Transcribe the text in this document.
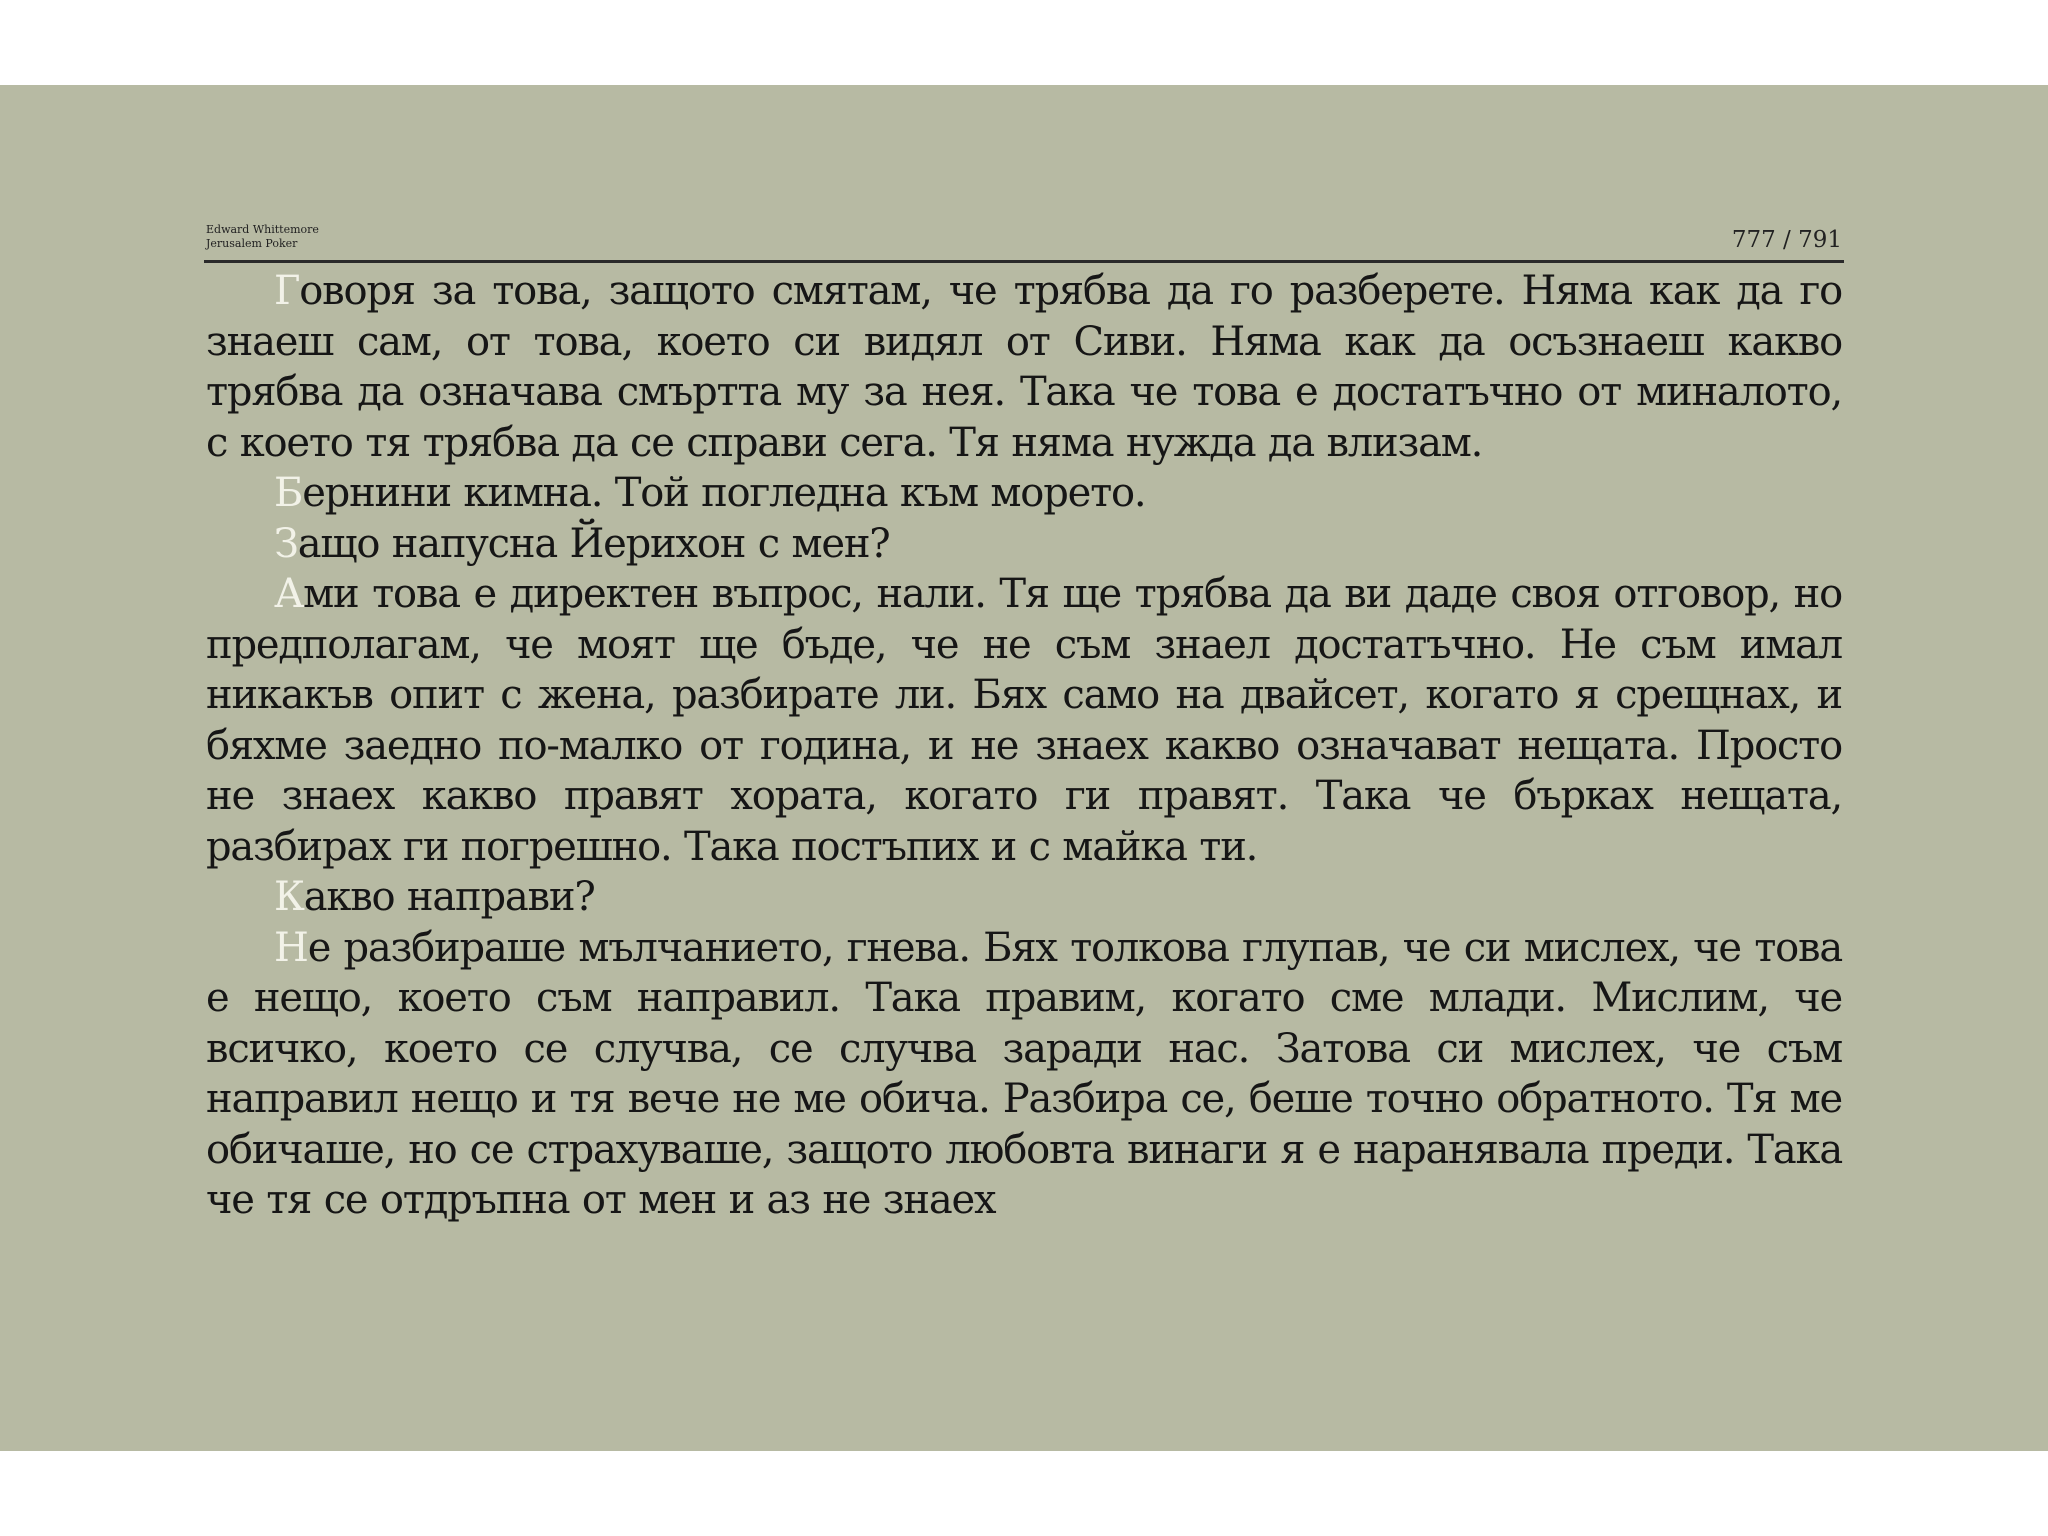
Edward Whittemore
Jerusalem Poker	777 / 791

Говоря за това, защото смятам, че трябва да го разберете. Няма как да го знаеш сам, от това, което си видял от Сиви. Няма как да осъзнаеш какво трябва да означава смъртта му за нея. Така че това е достатъчно от миналото, с което тя трябва да се справи сега. Тя няма нужда да влизам.

Бернини кимна. Той погледна към морето.

Защо напусна Йерихон с мен?

Ами това е директен въпрос, нали. Тя ще трябва да ви даде своя отговор, но предполагам, че моят ще бъде, че не съм знаел достатъчно. Не съм имал никакъв опит с жена, разбирате ли. Бях само на двайсет, когато я срещнах, и бяхме заедно по-малко от година, и не знаех какво означават нещата. Просто не знаех какво правят хората, когато ги правят. Така че бърках нещата, разбирах ги погрешно. Така постъпих и с майка ти.

Какво направи?

Не разбираше мълчанието, гнева. Бях толкова глупав, че си мислех, че това е нещо, което съм направил. Така правим, когато сме млади. Мислим, че всичко, което се случва, се случва заради нас. Затова си мислех, че съм направил нещо и тя вече не ме обича. Разбира се, беше точно обратното. Тя ме обичаше, но се страхуваше, защото любовта винаги я е наранявала преди. Така че тя се отдръпна от мен и аз не знаех
